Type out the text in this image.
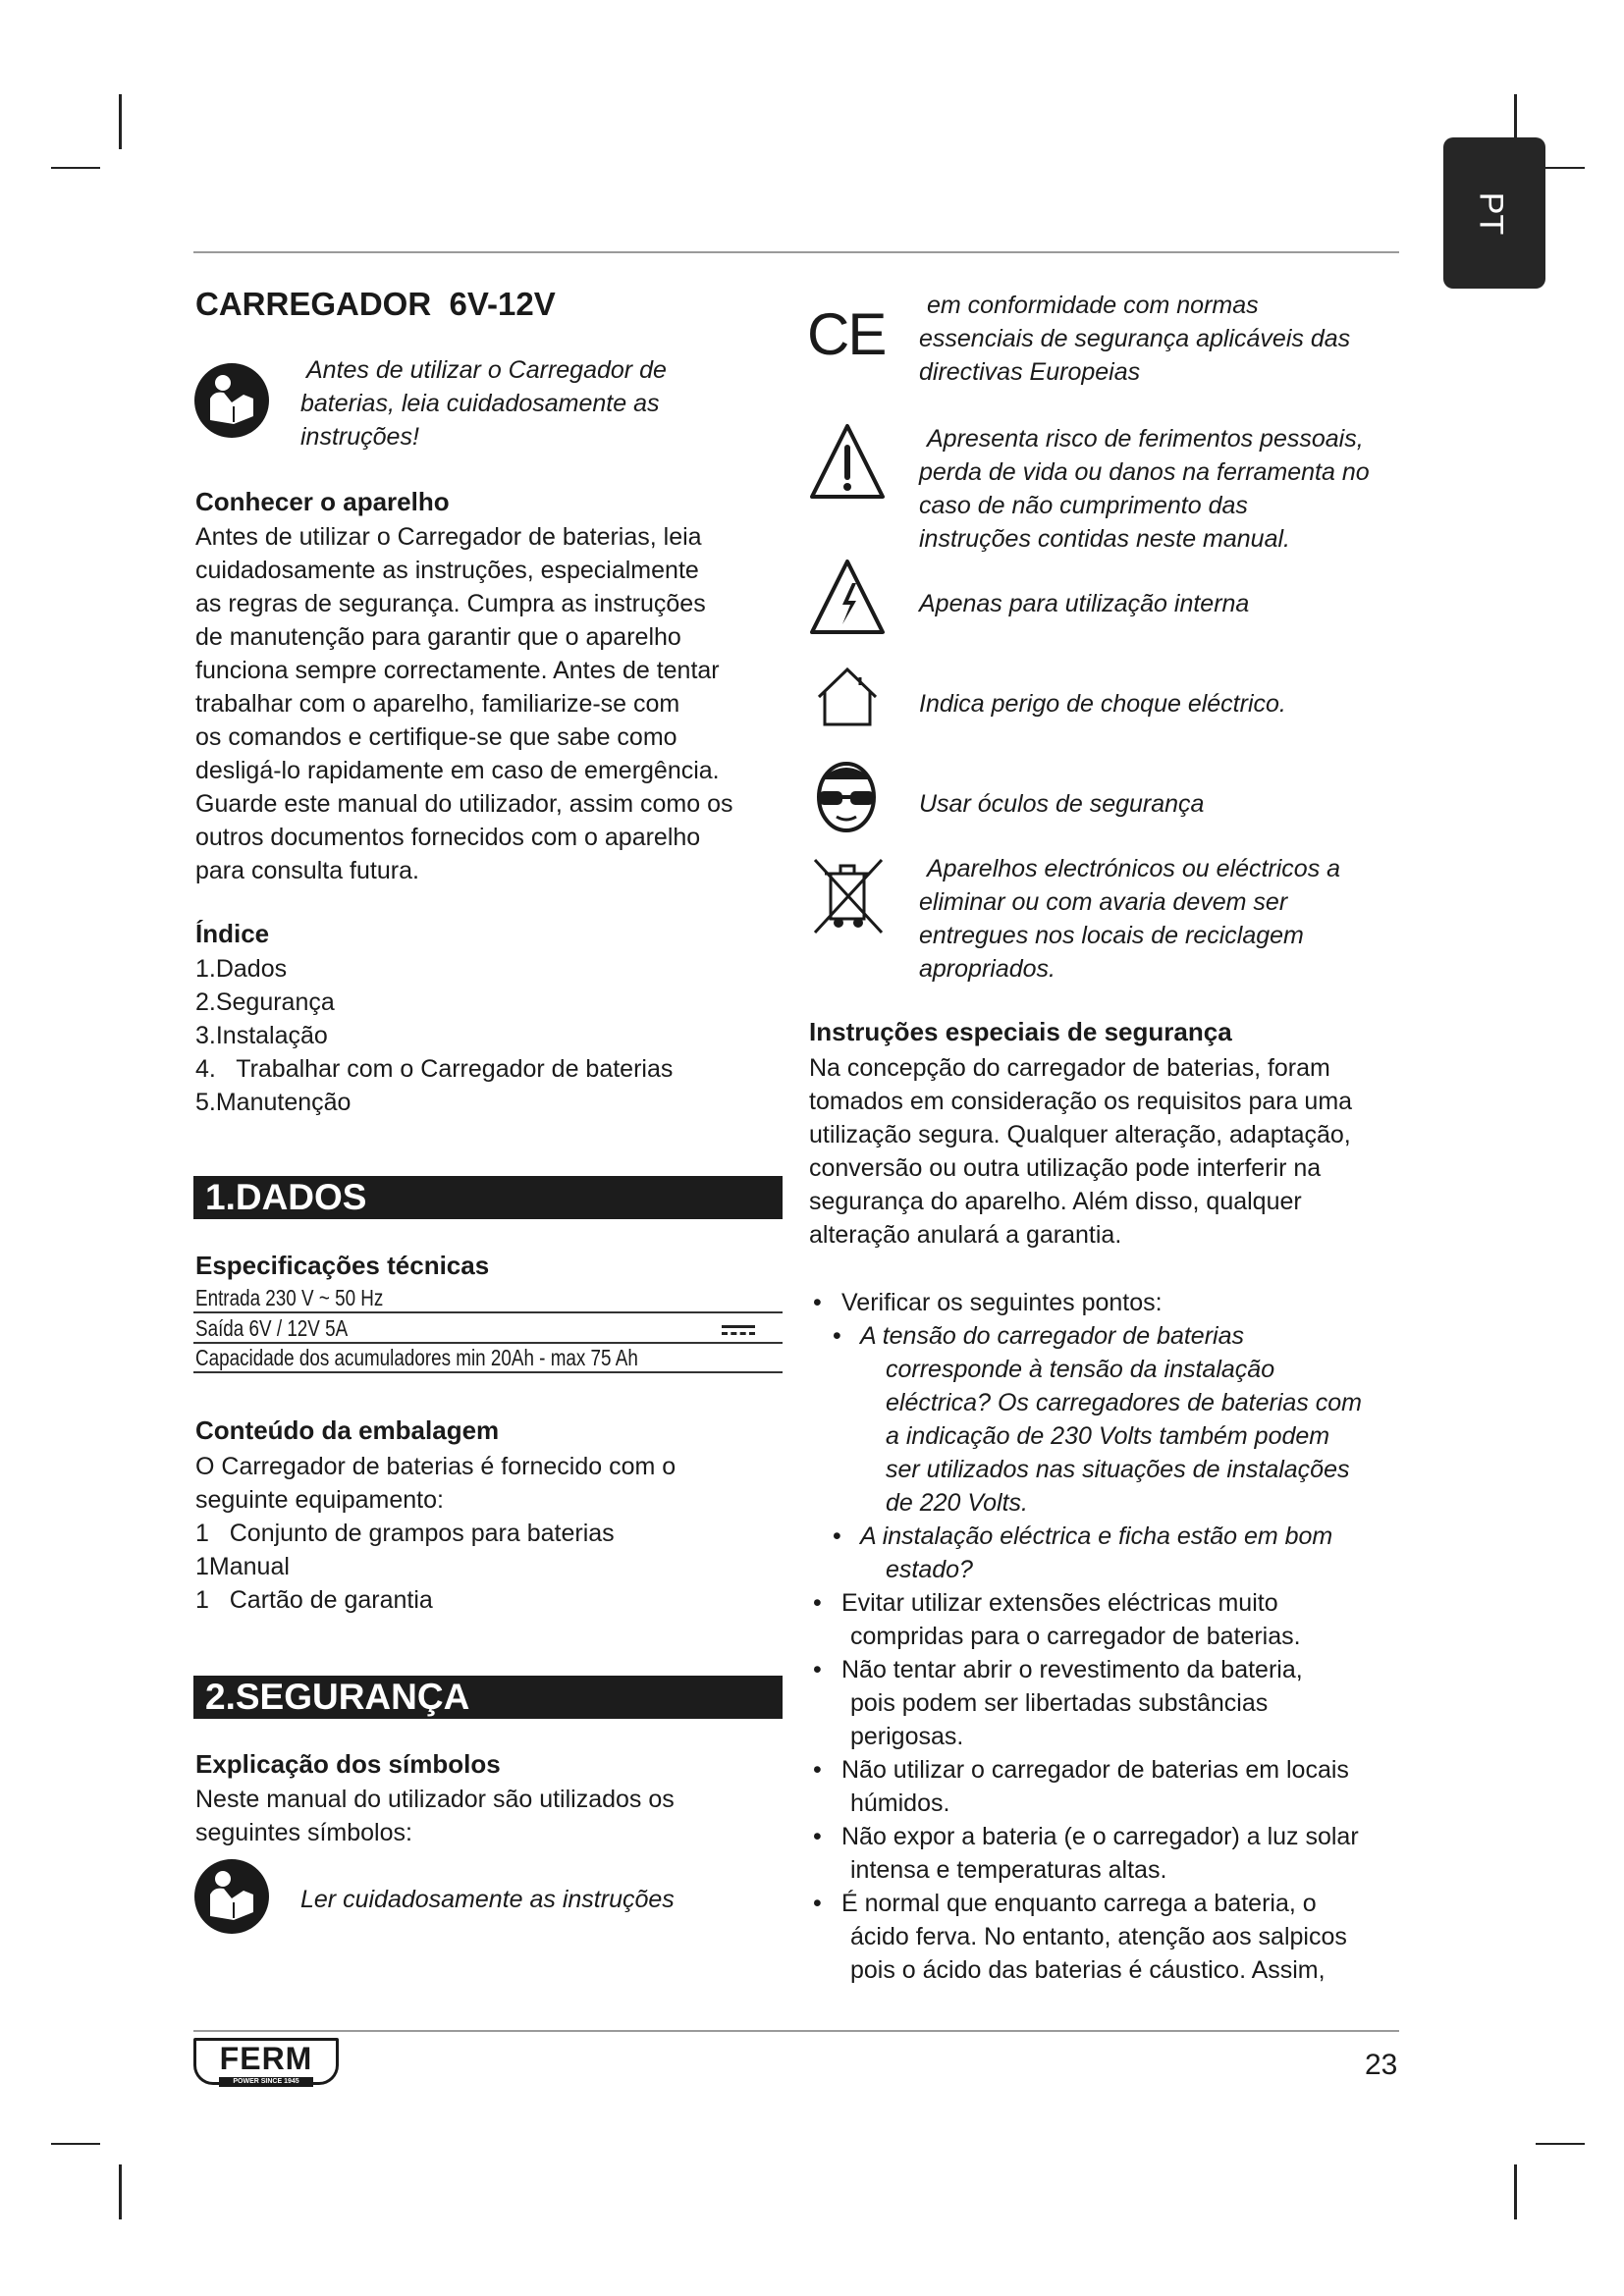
PT
CARREGADOR  6V-12V
Antes de utilizar o Carregador de
baterias, leia cuidadosamente as
instruções!
Conhecer o aparelho
Antes de utilizar o Carregador de baterias, leia
cuidadosamente as instruções, especialmente
as regras de segurança. Cumpra as instruções
de manutenção para garantir que o aparelho
funciona sempre correctamente. Antes de tentar
trabalhar com o aparelho, familiarize-se com
os comandos e certifique-se que sabe como
desligá-lo rapidamente em caso de emergência.
Guarde este manual do utilizador, assim como os
outros documentos fornecidos com o aparelho
para consulta futura.
Índice
1.Dados
2.Segurança
3.Instalação
4.   Trabalhar com o Carregador de baterias
5.Manutenção
1.DADOS
Especificações técnicas
Entrada 230 V ~ 50 Hz
Saída 6V / 12V 5A
Capacidade dos acumuladores min 20Ah - max 75 Ah
Conteúdo da embalagem
O Carregador de baterias é fornecido com o
seguinte equipamento:
1   Conjunto de grampos para baterias
1Manual
1   Cartão de garantia
2.SEGURANÇA
Explicação dos símbolos
Neste manual do utilizador são utilizados os
seguintes símbolos:
Ler cuidadosamente as instruções
CE em conformidade com normas
essenciais de segurança aplicáveis das
directivas Europeias
Apresenta risco de ferimentos pessoais,
perda de vida ou danos na ferramenta no
caso de não cumprimento das
instruções contidas neste manual.
Apenas para utilização interna
Indica perigo de choque eléctrico.
Usar óculos de segurança
Aparelhos electrónicos ou eléctricos a
eliminar ou com avaria devem ser
entregues nos locais de reciclagem
apropriados.
Instruções especiais de segurança
Na concepção do carregador de baterias, foram
tomados em consideração os requisitos para uma
utilização segura. Qualquer alteração, adaptação,
conversão ou outra utilização pode interferir na
segurança do aparelho. Além disso, qualquer
alteração anulará a garantia.
• Verificar os seguintes pontos:
• A tensão do carregador de baterias
corresponde à tensão da instalação
eléctrica? Os carregadores de baterias com
a indicação de 230 Volts também podem
ser utilizados nas situações de instalações
de 220 Volts.
• A instalação eléctrica e ficha estão em bom
estado?
• Evitar utilizar extensões eléctricas muito
compridas para o carregador de baterias.
• Não tentar abrir o revestimento da bateria,
pois podem ser libertadas substâncias
perigosas.
• Não utilizar o carregador de baterias em locais
húmidos.
• Não expor a bateria (e o carregador) a luz solar
intensa e temperaturas altas.
• É normal que enquanto carrega a bateria, o
ácido ferva. No entanto, atenção aos salpicos
pois o ácido das baterias é cáustico. Assim,
FERM
POWER SINCE 1945
23
